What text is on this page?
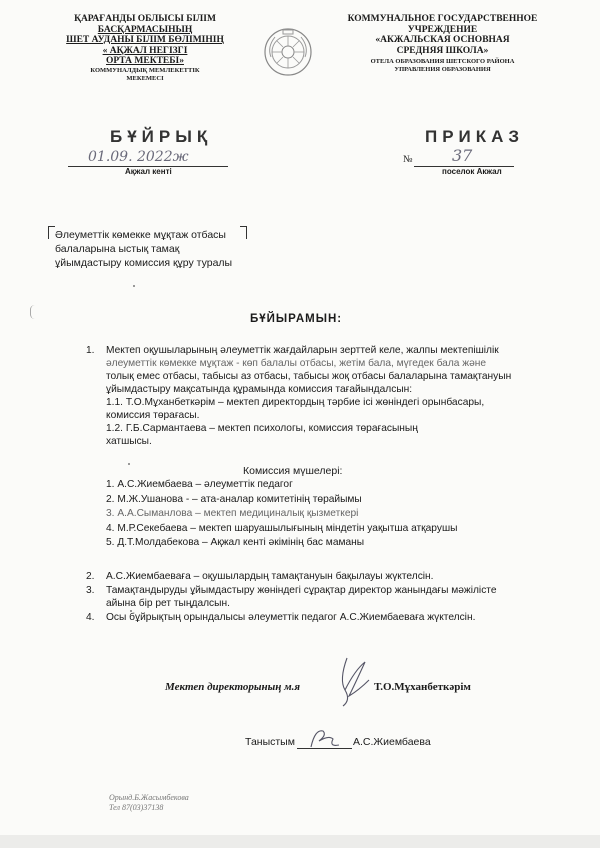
ҚАРАҒАНДЫ ОБЛЫСЫ БІЛІМ
БАСҚАРМАСЫНЫҢ
ШЕТ АУДАНЫ БІЛІМ БӨЛІМІНІҢ
« АҚЖАЛ НЕГІЗГІ
ОРТА МЕКТЕБІ»
КОММУНАЛДЫҚ МЕМЛЕКЕТТІК
МЕКЕМЕСІ
КОММУНАЛЬНОЕ ГОСУДАРСТВЕННОЕ
УЧРЕЖДЕНИЕ
«АКЖАЛЬСКАЯ ОСНОВНАЯ
СРЕДНЯЯ ШКОЛА»
ОТЕЛА ОБРАЗОВАНИЯ ШЕТСКОГО РАЙОНА
УПРАВЛЕНИЯ ОБРАЗОВАНИЯ
БҰЙРЫҚ	ПРИКАЗ
01.09. 2022ж
Ақжал кенті
№ 37
поселок Акжал
Әлеуметтік көмекке мұқтаж отбасы
балаларына ыстық тамақ
ұйымдастыру комиссия құру туралы
БҰЙЫРАМЫН:
1.	Мектеп оқушыларының әлеуметтік жағдайларын зерттей келе, жалпы мектепішілік
әлеуметтік көмекке мұқтаж - көп балалы отбасы, жетім бала, мүгедек бала және
толық емес отбасы, табысы аз отбасы, табысы жоқ отбасы балаларына тамақтануын
ұйымдастыру мақсатында құрамында комиссия тағайындалсын:
1.1. Т.О.Мұханбеткәрім – мектеп директордың тәрбие ісі жөніндегі орынбасары,
комиссия төрағасы.
1.2. Г.Б.Сармантаева – мектеп психологы, комиссия төрағасының
хатшысы.
Комиссия мүшелері:
1. А.С.Жиембаева – әлеуметтік педагог
2. М.Ж.Ушанова - – ата-аналар комитетінің төрайымы
3. А.А.Сыманлова – мектеп медициналық қызметкері
4. М.Р.Секебаева – мектеп шаруашылығының міндетін уақытша атқарушы
5. Д.Т.Молдабекова – Ақжал кенті әкімінің бас маманы
2.	А.С.Жиембаеваға – оқушылардың тамақтануын бақылауы жүктелсін.
3.	Тамақтандыруды ұйымдастыру жөніндегі сұрақтар директор жанындағы мәжілісте
айына бір рет тыңдалсын.
4.	Осы бұйрықтың орындалысы әлеуметтік педагог А.С.Жиембаеваға жүктелсін.
Мектеп директорының м.я	Т.О.Мұханбеткәрім
Таныстым	А.С.Жиембаева
Орынд.Б.Жасымбекова
Тел 87(03)37138
